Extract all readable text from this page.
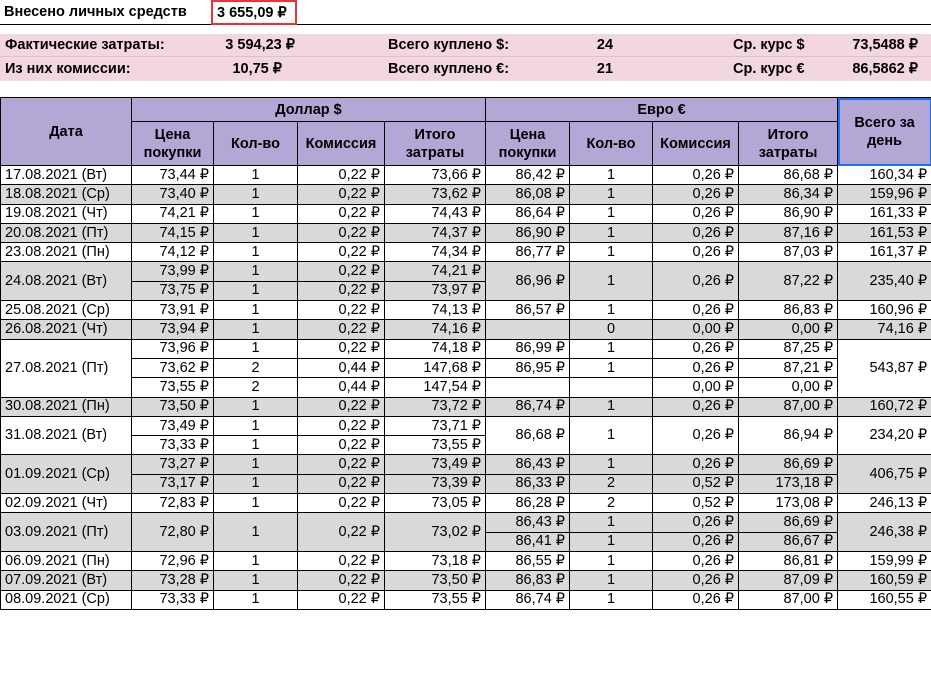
Внесено личных средств	3 655,09 ₽
Фактические затраты:	3 594,23 ₽
Из них комиссии:	10,75 ₽
Всего куплено $:	24
Всего куплено €:	21
Ср. курс $	73,5488 ₽
Ср. курс €	86,5862 ₽
Дата	Доллар $				Евро €				Всего за день
	Цена покупки	Кол-во	Комиссия	Итого затраты	Цена покупки	Кол-во	Комиссия	Итого затраты	
17.08.2021 (Вт)	73,44 ₽	1	0,22 ₽	73,66 ₽	86,42 ₽	1	0,26 ₽	86,68 ₽	160,34 ₽
18.08.2021 (Ср)	73,40 ₽	1	0,22 ₽	73,62 ₽	86,08 ₽	1	0,26 ₽	86,34 ₽	159,96 ₽
19.08.2021 (Чт)	74,21 ₽	1	0,22 ₽	74,43 ₽	86,64 ₽	1	0,26 ₽	86,90 ₽	161,33 ₽
20.08.2021 (Пт)	74,15 ₽	1	0,22 ₽	74,37 ₽	86,90 ₽	1	0,26 ₽	87,16 ₽	161,53 ₽
23.08.2021 (Пн)	74,12 ₽	1	0,22 ₽	74,34 ₽	86,77 ₽	1	0,26 ₽	87,03 ₽	161,37 ₽
24.08.2021 (Вт)	73,99 ₽	1	0,22 ₽	74,21 ₽	86,96 ₽	1	0,26 ₽	87,22 ₽	235,40 ₽
	73,75 ₽	1	0,22 ₽	73,97 ₽					
25.08.2021 (Ср)	73,91 ₽	1	0,22 ₽	74,13 ₽	86,57 ₽	1	0,26 ₽	86,83 ₽	160,96 ₽
26.08.2021 (Чт)	73,94 ₽	1	0,22 ₽	74,16 ₽		0	0,00 ₽	0,00 ₽	74,16 ₽
27.08.2021 (Пт)	73,96 ₽	1	0,22 ₽	74,18 ₽	86,99 ₽	1	0,26 ₽	87,25 ₽	543,87 ₽
	73,62 ₽	2	0,44 ₽	147,68 ₽	86,95 ₽	1	0,26 ₽	87,21 ₽	
	73,55 ₽	2	0,44 ₽	147,54 ₽			0,00 ₽	0,00 ₽	
30.08.2021 (Пн)	73,50 ₽	1	0,22 ₽	73,72 ₽	86,74 ₽	1	0,26 ₽	87,00 ₽	160,72 ₽
31.08.2021 (Вт)	73,49 ₽	1	0,22 ₽	73,71 ₽	86,68 ₽	1	0,26 ₽	86,94 ₽	234,20 ₽
	73,33 ₽	1	0,22 ₽	73,55 ₽					
01.09.2021 (Ср)	73,27 ₽	1	0,22 ₽	73,49 ₽	86,43 ₽	1	0,26 ₽	86,69 ₽	406,75 ₽
	73,17 ₽	1	0,22 ₽	73,39 ₽	86,33 ₽	2	0,52 ₽	173,18 ₽	
02.09.2021 (Чт)	72,83 ₽	1	0,22 ₽	73,05 ₽	86,28 ₽	2	0,52 ₽	173,08 ₽	246,13 ₽
03.09.2021 (Пт)	72,80 ₽	1	0,22 ₽	73,02 ₽	86,43 ₽	1	0,26 ₽	86,69 ₽	246,38 ₽
					86,41 ₽	1	0,26 ₽	86,67 ₽	
06.09.2021 (Пн)	72,96 ₽	1	0,22 ₽	73,18 ₽	86,55 ₽	1	0,26 ₽	86,81 ₽	159,99 ₽
07.09.2021 (Вт)	73,28 ₽	1	0,22 ₽	73,50 ₽	86,83 ₽	1	0,26 ₽	87,09 ₽	160,59 ₽
08.09.2021 (Ср)	73,33 ₽	1	0,22 ₽	73,55 ₽	86,74 ₽	1	0,26 ₽	87,00 ₽	160,55 ₽
